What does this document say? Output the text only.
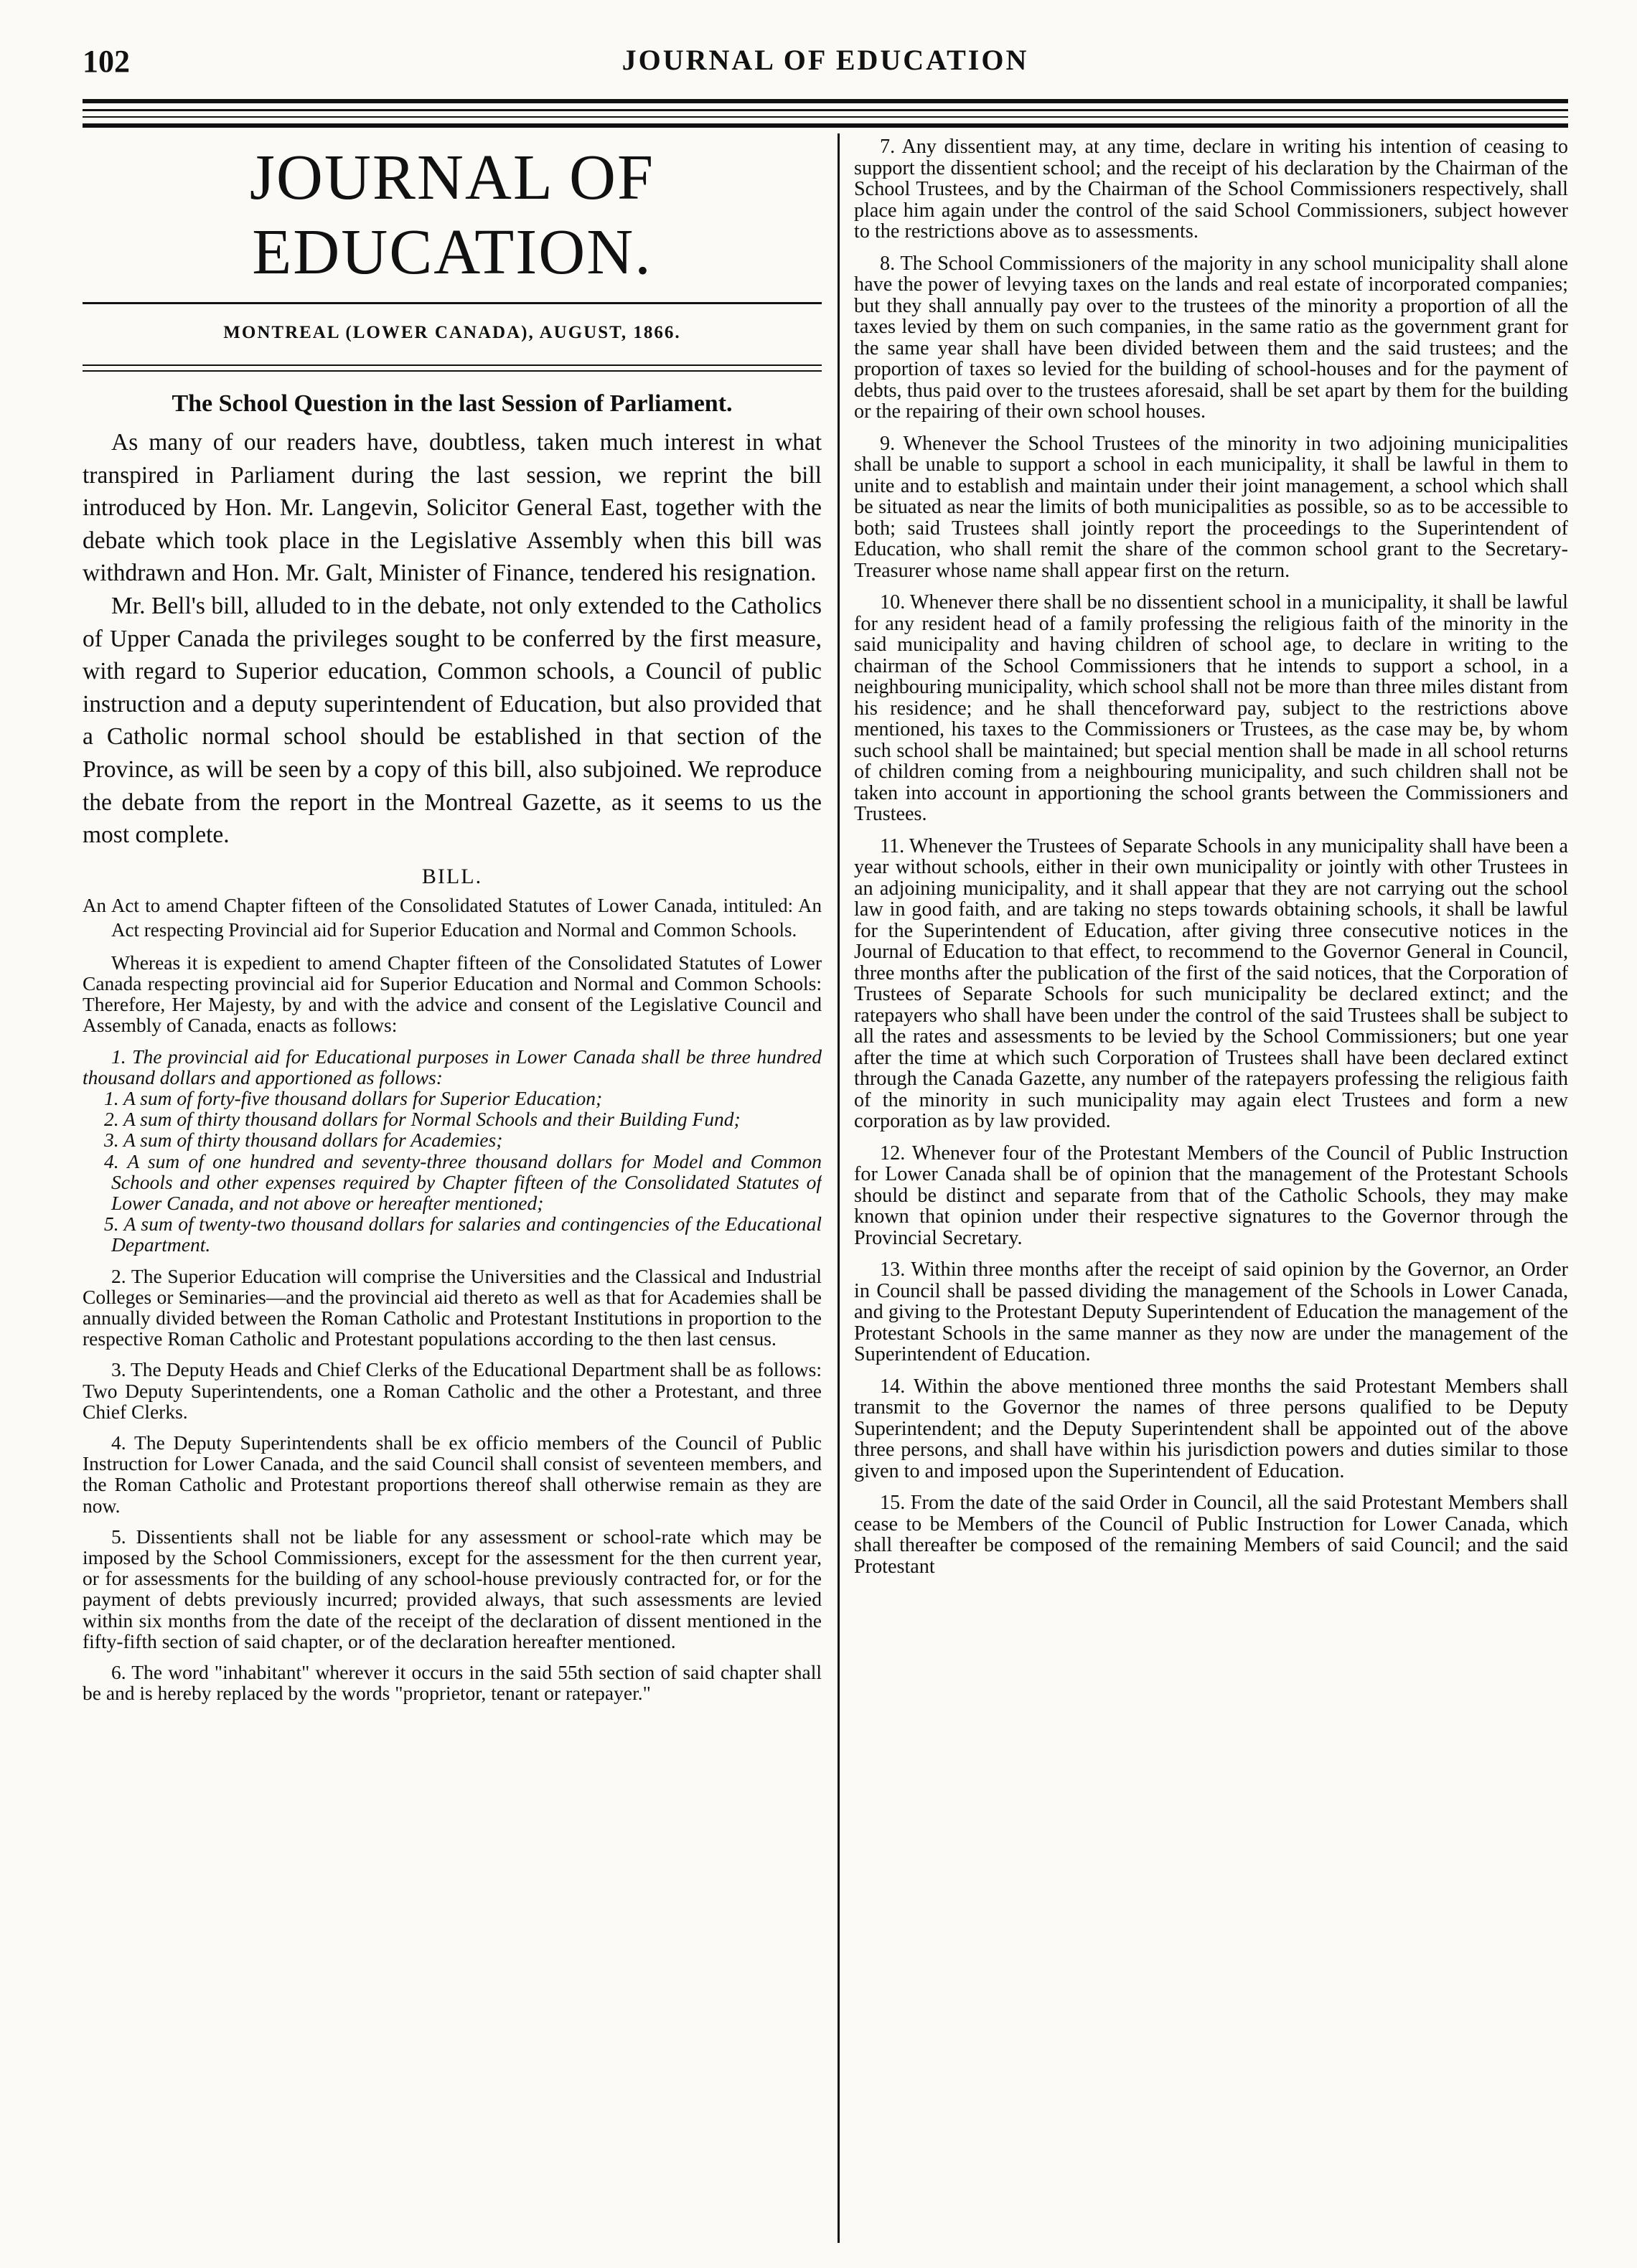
102	JOURNAL OF EDUCATION
JOURNAL OF EDUCATION.
MONTREAL (LOWER CANADA), AUGUST, 1866.
The School Question in the last Session of Parliament.

As many of our readers have, doubtless, taken much interest in what transpired in Parliament during the last session, we reprint the bill introduced by Hon. Mr. Langevin, Solicitor General East, together with the debate which took place in the Legislative Assembly when this bill was withdrawn and Hon. Mr. Galt, Minister of Finance, tendered his resignation.

Mr. Bell's bill, alluded to in the debate, not only extended to the Catholics of Upper Canada the privileges sought to be conferred by the first measure, with regard to Superior education, Common schools, a Council of public instruction and a deputy superintendent of Education, but also provided that a Catholic normal school should be established in that section of the Province, as will be seen by a copy of this bill, also subjoined. We reproduce the debate from the report in the Montreal Gazette, as it seems to us the most complete.

BILL.

An Act to amend Chapter fifteen of the Consolidated Statutes of Lower Canada, intituled: An Act respecting Provincial aid for Superior Education and Normal and Common Schools.

Whereas it is expedient to amend Chapter fifteen of the Consolidated Statutes of Lower Canada respecting provincial aid for Superior Education and Normal and Common Schools: Therefore, Her Majesty, by and with the advice and consent of the Legislative Council and Assembly of Canada, enacts as follows:

1. The provincial aid for Educational purposes in Lower Canada shall be three hundred thousand dollars and apportioned as follows:

1. A sum of forty-five thousand dollars for Superior Education;

2. A sum of thirty thousand dollars for Normal Schools and their Building Fund;

3. A sum of thirty thousand dollars for Academies;

4. A sum of one hundred and seventy-three thousand dollars for Model and Common Schools and other expenses required by Chapter fifteen of the Consolidated Statutes of Lower Canada, and not above or hereafter mentioned;

5. A sum of twenty-two thousand dollars for salaries and contingencies of the Educational Department.

2. The Superior Education will comprise the Universities and the Classical and Industrial Colleges or Seminaries—and the provincial aid thereto as well as that for Academies shall be annually divided between the Roman Catholic and Protestant Institutions in proportion to the respective Roman Catholic and Protestant populations according to the then last census.

3. The Deputy Heads and Chief Clerks of the Educational Department shall be as follows: Two Deputy Superintendents, one a Roman Catholic and the other a Protestant, and three Chief Clerks.

4. The Deputy Superintendents shall be ex officio members of the Council of Public Instruction for Lower Canada, and the said Council shall consist of seventeen members, and the Roman Catholic and Protestant proportions thereof shall otherwise remain as they are now.

5. Dissentients shall not be liable for any assessment or school-rate which may be imposed by the School Commissioners, except for the assessment for the then current year, or for assessments for the building of any school-house previously contracted for, or for the payment of debts previously incurred; provided always, that such assessments are levied within six months from the date of the receipt of the declaration of dissent mentioned in the fifty-fifth section of said chapter, or of the declaration hereafter mentioned.

6. The word "inhabitant" wherever it occurs in the said 55th section of said chapter shall be and is hereby replaced by the words "proprietor, tenant or ratepayer."

7. Any dissentient may, at any time, declare in writing his intention of ceasing to support the dissentient school; and the receipt of his declaration by the Chairman of the School Trustees, and by the Chairman of the School Commissioners respectively, shall place him again under the control of the said School Commissioners, subject however to the restrictions above as to assessments.

8. The School Commissioners of the majority in any school municipality shall alone have the power of levying taxes on the lands and real estate of incorporated companies; but they shall annually pay over to the trustees of the minority a proportion of all the taxes levied by them on such companies, in the same ratio as the government grant for the same year shall have been divided between them and the said trustees; and the proportion of taxes so levied for the building of school-houses and for the payment of debts, thus paid over to the trustees aforesaid, shall be set apart by them for the building or the repairing of their own school houses.

9. Whenever the School Trustees of the minority in two adjoining municipalities shall be unable to support a school in each municipality, it shall be lawful in them to unite and to establish and maintain under their joint management, a school which shall be situated as near the limits of both municipalities as possible, so as to be accessible to both; said Trustees shall jointly report the proceedings to the Superintendent of Education, who shall remit the share of the common school grant to the Secretary-Treasurer whose name shall appear first on the return.

10. Whenever there shall be no dissentient school in a municipality, it shall be lawful for any resident head of a family professing the religious faith of the minority in the said municipality and having children of school age, to declare in writing to the chairman of the School Commissioners that he intends to support a school, in a neighbouring municipality, which school shall not be more than three miles distant from his residence; and he shall thenceforward pay, subject to the restrictions above mentioned, his taxes to the Commissioners or Trustees, as the case may be, by whom such school shall be maintained; but special mention shall be made in all school returns of children coming from a neighbouring municipality, and such children shall not be taken into account in apportioning the school grants between the Commissioners and Trustees.

11. Whenever the Trustees of Separate Schools in any municipality shall have been a year without schools, either in their own municipality or jointly with other Trustees in an adjoining municipality, and it shall appear that they are not carrying out the school law in good faith, and are taking no steps towards obtaining schools, it shall be lawful for the Superintendent of Education, after giving three consecutive notices in the Journal of Education to that effect, to recommend to the Governor General in Council, three months after the publication of the first of the said notices, that the Corporation of Trustees of Separate Schools for such municipality be declared extinct; and the ratepayers who shall have been under the control of the said Trustees shall be subject to all the rates and assessments to be levied by the School Commissioners; but one year after the time at which such Corporation of Trustees shall have been declared extinct through the Canada Gazette, any number of the ratepayers professing the religious faith of the minority in such municipality may again elect Trustees and form a new corporation as by law provided.

12. Whenever four of the Protestant Members of the Council of Public Instruction for Lower Canada shall be of opinion that the management of the Protestant Schools should be distinct and separate from that of the Catholic Schools, they may make known that opinion under their respective signatures to the Governor through the Provincial Secretary.

13. Within three months after the receipt of said opinion by the Governor, an Order in Council shall be passed dividing the management of the Schools in Lower Canada, and giving to the Protestant Deputy Superintendent of Education the management of the Protestant Schools in the same manner as they now are under the management of the Superintendent of Education.

14. Within the above mentioned three months the said Protestant Members shall transmit to the Governor the names of three persons qualified to be Deputy Superintendent; and the Deputy Superintendent shall be appointed out of the above three persons, and shall have within his jurisdiction powers and duties similar to those given to and imposed upon the Superintendent of Education.

15. From the date of the said Order in Council, all the said Protestant Members shall cease to be Members of the Council of Public Instruction for Lower Canada, which shall thereafter be composed of the remaining Members of said Council; and the said Protestant
